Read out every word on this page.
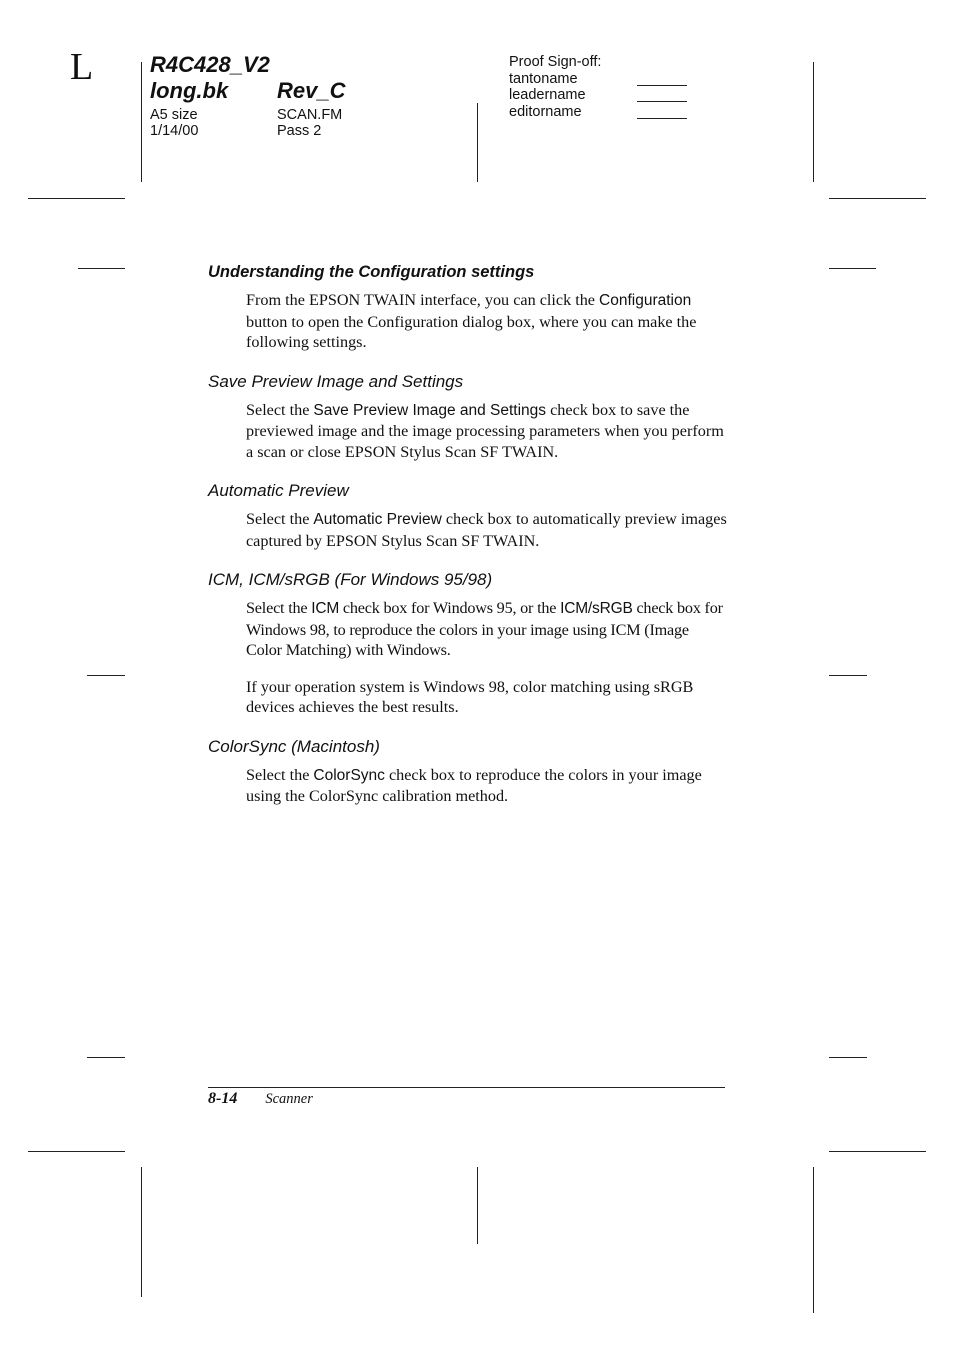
L	R4C428_V2
long.bk Rev_C
A5 size	SCAN.FM
1/14/00	Pass 2
Proof Sign-off:
tantoname
leadername
editorname
Understanding the Configuration settings

From the EPSON TWAIN interface, you can click the Configuration button to open the Configuration dialog box, where you can make the following settings.

Save Preview Image and Settings

Select the Save Preview Image and Settings check box to save the previewed image and the image processing parameters when you perform a scan or close EPSON Stylus Scan SF TWAIN.

Automatic Preview

Select the Automatic Preview check box to automatically preview images captured by EPSON Stylus Scan SF TWAIN.

ICM, ICM/sRGB (For Windows 95/98)

Select the ICM check box for Windows 95, or the ICM/sRGB check box for Windows 98, to reproduce the colors in your image using ICM (Image Color Matching) with Windows.

If your operation system is Windows 98, color matching using sRGB devices achieves the best results.

ColorSync (Macintosh)

Select the ColorSync check box to reproduce the colors in your image using the ColorSync calibration method.

8-14 Scanner
